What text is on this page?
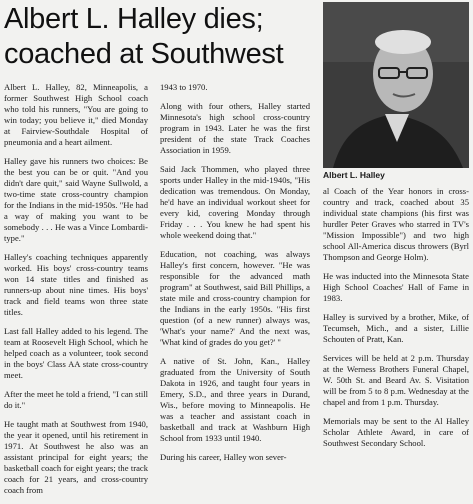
Albert L. Halley dies;
coached at Southwest
Albert L. Halley

Albert L. Halley, 82, Minneapolis, a former Southwest High School coach who told his runners, "You are going to win today; you believe it," died Monday at Fairview-Southdale Hospital of pneumonia and a heart ailment.

Halley gave his runners two choices: Be the best you can be or quit. "And you didn't dare quit," said Wayne Sullwold, a two-time state cross-country champion for the Indians in the mid-1950s. "He had a way of making you want to be somebody . . . He was a Vince Lombardi-type."

Halley's coaching techniques apparently worked. His boys' cross-country teams won 14 state titles and finished as runners-up about nine times. His boys' track and field teams won three state titles.

Last fall Halley added to his legend. The team at Roosevelt High School, which he helped coach as a volunteer, took second in the boys' Class AA state cross-country meet.

After the meet he told a friend, "I can still do it."

He taught math at Southwest from 1940, the year it opened, until his retirement in 1971. At Southwest he also was an assistant principal for eight years; the basketball coach for eight years; the track coach for 21 years, and cross-country coach from

1943 to 1970.

Along with four others, Halley started Minnesota's high school cross-country program in 1943. Later he was the first president of the state Track Coaches Association in 1959.

Said Jack Thommen, who played three sports under Halley in the mid-1940s, "His dedication was tremendous. On Monday, he'd have an individual workout sheet for every kid, covering Monday through Friday . . . You knew he had spent his whole weekend doing that."

Education, not coaching, was always Halley's first concern, however. "He was responsible for the advanced math program" at Southwest, said Bill Phillips, a state mile and cross-country champion for the Indians in the early 1950s. "His first question (of a new runner) always was, 'What's your name?' And the next was, 'What kind of grades do you get?' "

A native of St. John, Kan., Halley graduated from the University of South Dakota in 1926, and taught four years in Emery, S.D., and three years in Durand, Wis., before moving to Minneapolis. He was a teacher and assistant coach in basketball and track at Washburn High School from 1933 until 1940.

During his career, Halley won sever-

al Coach of the Year honors in cross-country and track, coached about 35 individual state champions (his first was hurdler Peter Graves who starred in TV's "Mission Impossible") and two high school All-America discus throwers (Byrl Thompson and George Holm).

He was inducted into the Minnesota State High School Coaches' Hall of Fame in 1983.

Halley is survived by a brother, Mike, of Tecumseh, Mich., and a sister, Lillie Schouten of Pratt, Kan.

Services will be held at 2 p.m. Thursday at the Werness Brothers Funeral Chapel, W. 50th St. and Beard Av. S. Visitation will be from 5 to 8 p.m. Wednesday at the chapel and from 1 p.m. Thursday.

Memorials may be sent to the Al Halley Scholar Athlete Award, in care of Southwest Secondary School.
